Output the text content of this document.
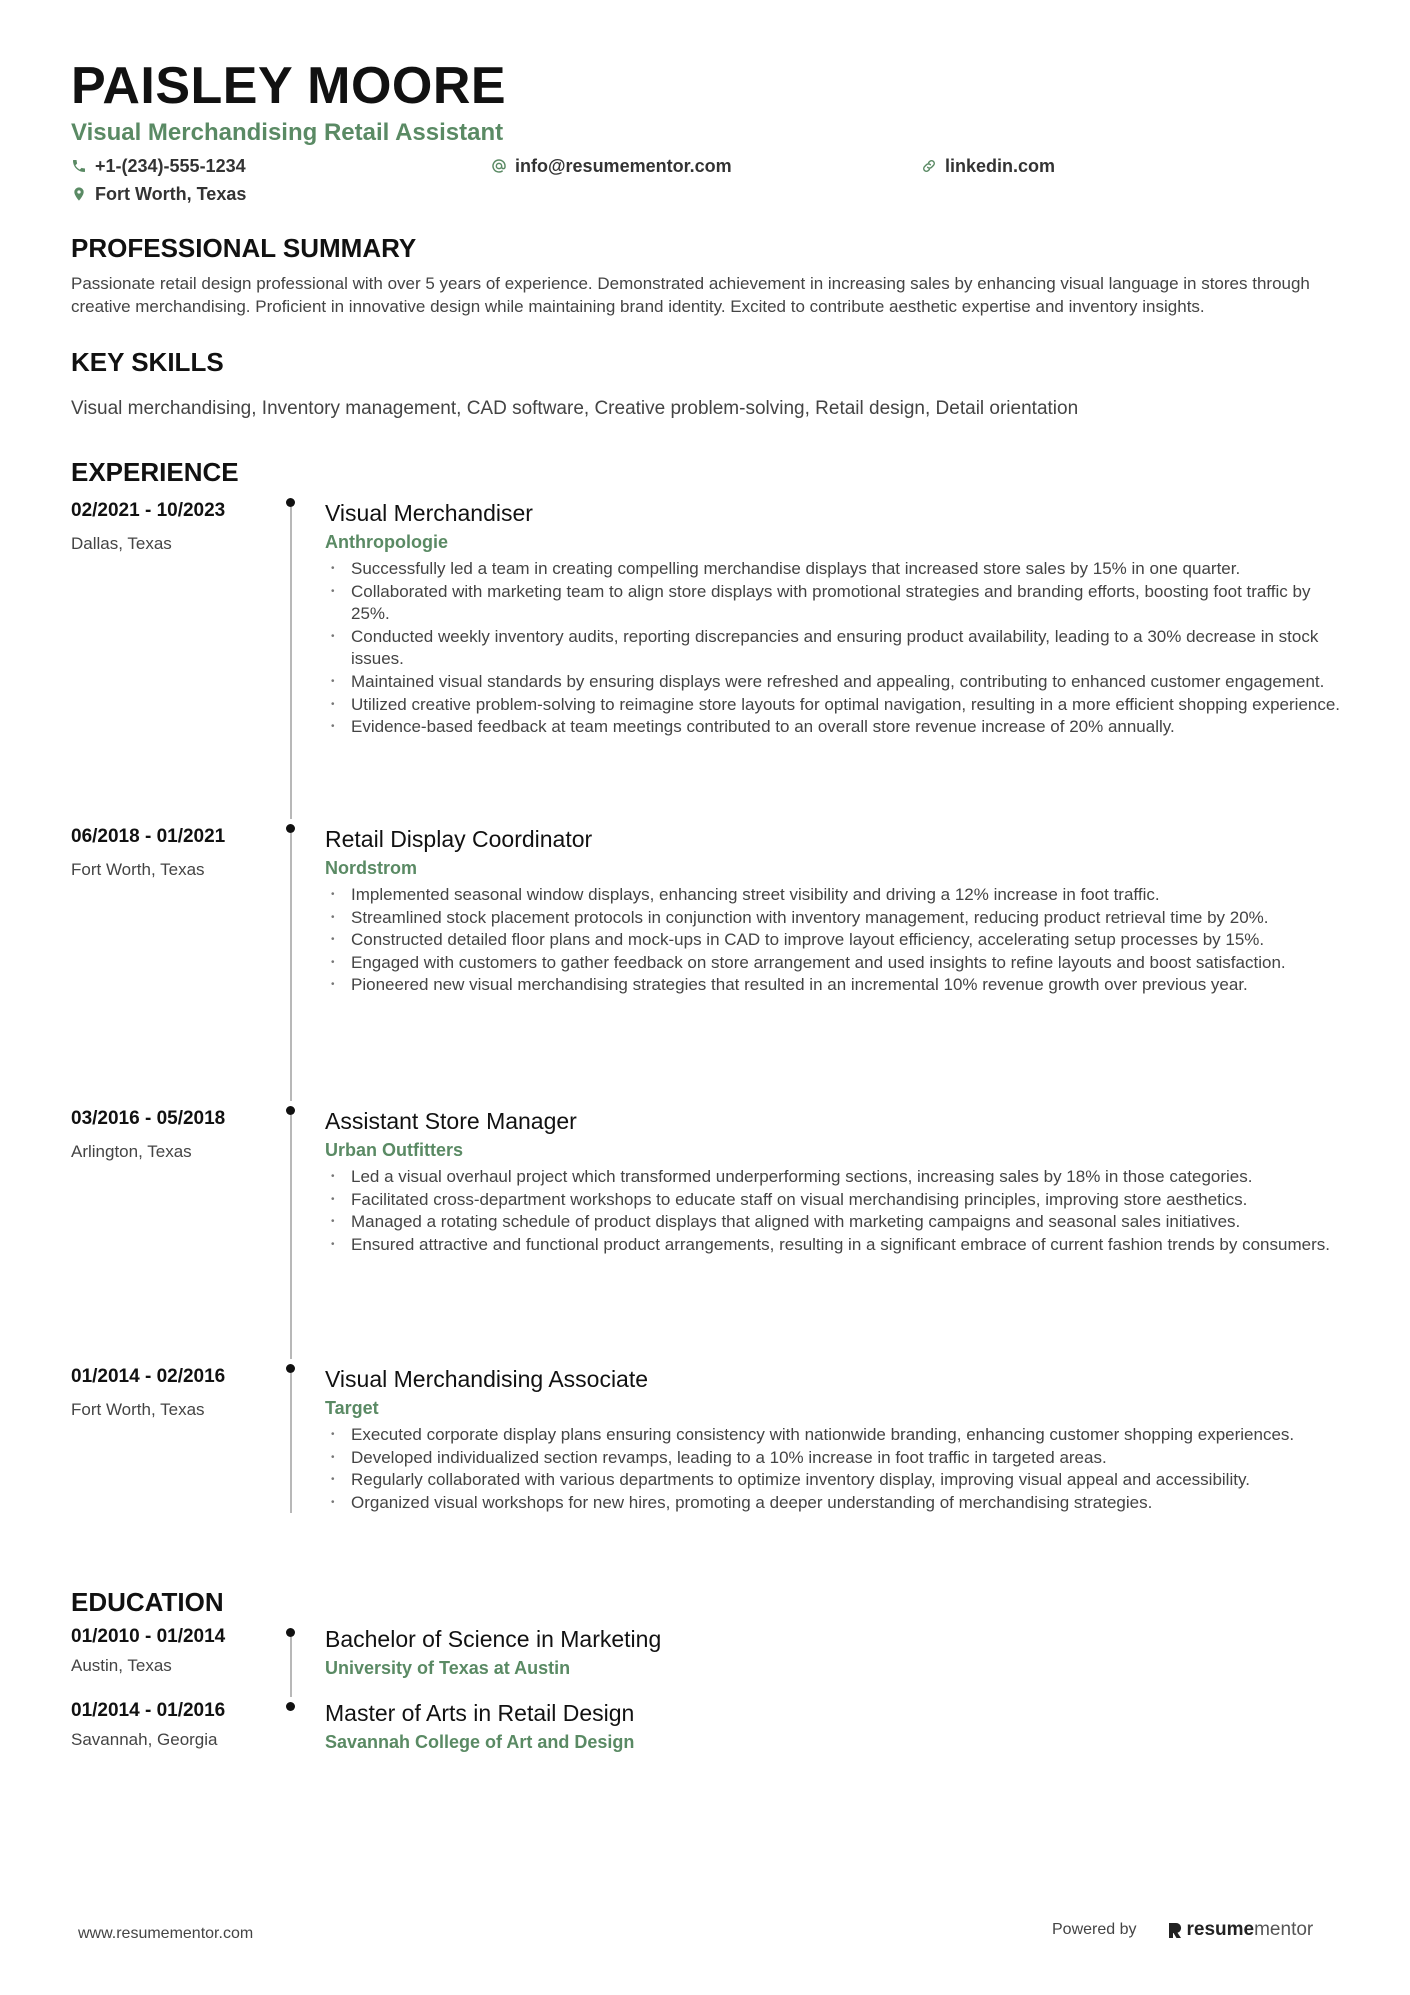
PAISLEY MOORE
Visual Merchandising Retail Assistant
+1-(234)-555-1234	info@resumementor.com	linkedin.com
Fort Worth, Texas
PROFESSIONAL SUMMARY
Passionate retail design professional with over 5 years of experience. Demonstrated achievement in increasing sales by enhancing visual language in stores through creative merchandising. Proficient in innovative design while maintaining brand identity. Excited to contribute aesthetic expertise and inventory insights.
KEY SKILLS
Visual merchandising, Inventory management, CAD software, Creative problem-solving, Retail design, Detail orientation
EXPERIENCE
02/2021 - 10/2023
Dallas, Texas
Visual Merchandiser
Anthropologie
• Successfully led a team in creating compelling merchandise displays that increased store sales by 15% in one quarter.
• Collaborated with marketing team to align store displays with promotional strategies and branding efforts, boosting foot traffic by 25%.
• Conducted weekly inventory audits, reporting discrepancies and ensuring product availability, leading to a 30% decrease in stock issues.
• Maintained visual standards by ensuring displays were refreshed and appealing, contributing to enhanced customer engagement.
• Utilized creative problem-solving to reimagine store layouts for optimal navigation, resulting in a more efficient shopping experience.
• Evidence-based feedback at team meetings contributed to an overall store revenue increase of 20% annually.
06/2018 - 01/2021
Fort Worth, Texas
Retail Display Coordinator
Nordstrom
• Implemented seasonal window displays, enhancing street visibility and driving a 12% increase in foot traffic.
• Streamlined stock placement protocols in conjunction with inventory management, reducing product retrieval time by 20%.
• Constructed detailed floor plans and mock-ups in CAD to improve layout efficiency, accelerating setup processes by 15%.
• Engaged with customers to gather feedback on store arrangement and used insights to refine layouts and boost satisfaction.
• Pioneered new visual merchandising strategies that resulted in an incremental 10% revenue growth over previous year.
03/2016 - 05/2018
Arlington, Texas
Assistant Store Manager
Urban Outfitters
• Led a visual overhaul project which transformed underperforming sections, increasing sales by 18% in those categories.
• Facilitated cross-department workshops to educate staff on visual merchandising principles, improving store aesthetics.
• Managed a rotating schedule of product displays that aligned with marketing campaigns and seasonal sales initiatives.
• Ensured attractive and functional product arrangements, resulting in a significant embrace of current fashion trends by consumers.
01/2014 - 02/2016
Fort Worth, Texas
Visual Merchandising Associate
Target
• Executed corporate display plans ensuring consistency with nationwide branding, enhancing customer shopping experiences.
• Developed individualized section revamps, leading to a 10% increase in foot traffic in targeted areas.
• Regularly collaborated with various departments to optimize inventory display, improving visual appeal and accessibility.
• Organized visual workshops for new hires, promoting a deeper understanding of merchandising strategies.
EDUCATION
01/2010 - 01/2014
Austin, Texas
Bachelor of Science in Marketing
University of Texas at Austin
01/2014 - 01/2016
Savannah, Georgia
Master of Arts in Retail Design
Savannah College of Art and Design
www.resumementor.com	Powered by	resume mentor
